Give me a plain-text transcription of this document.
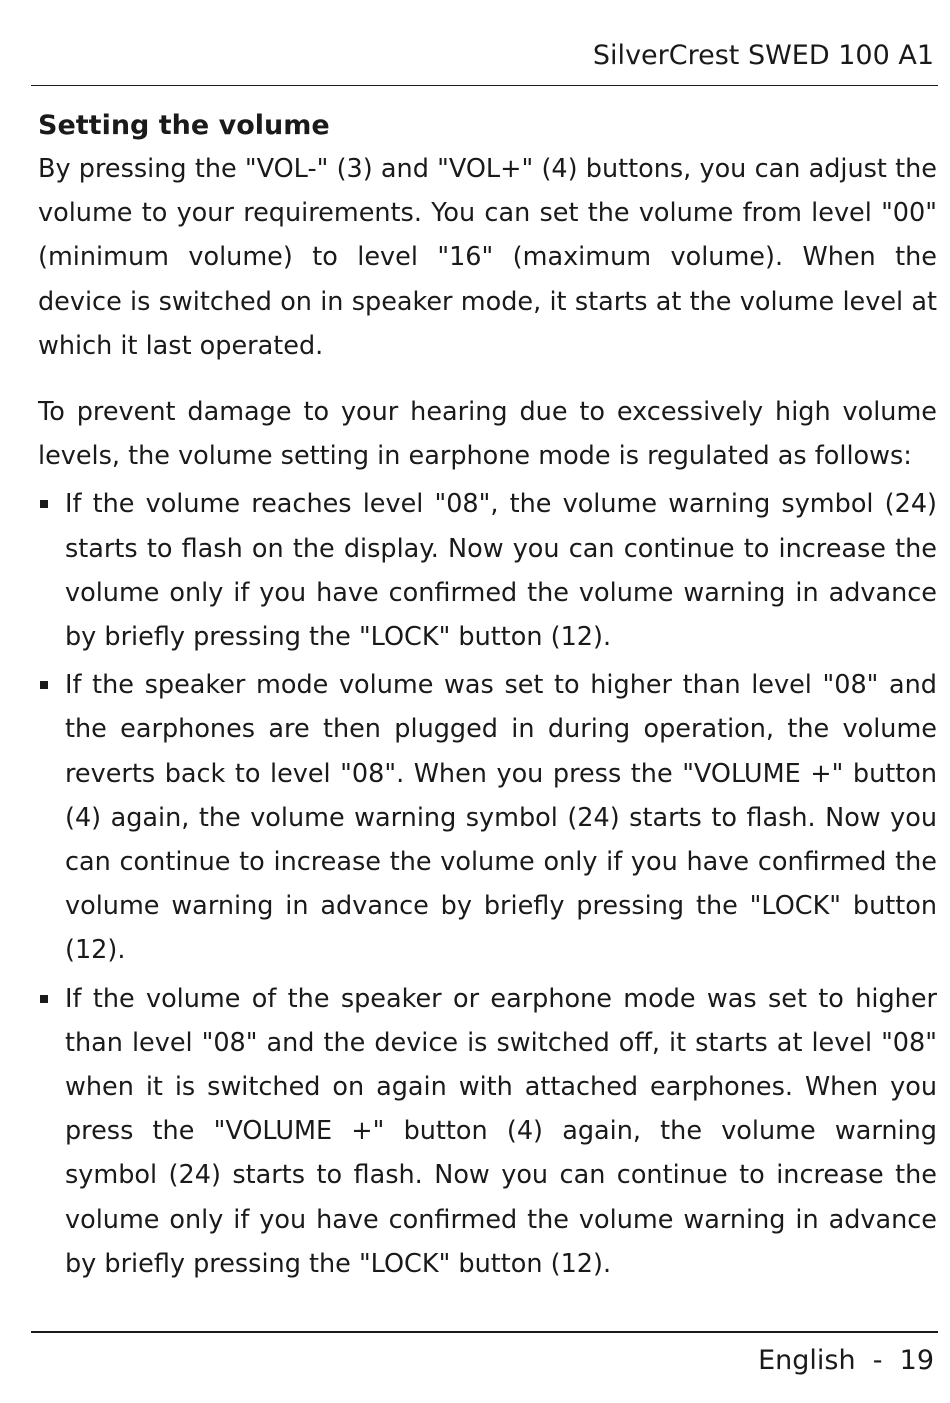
SilverCrest SWED 100 A1
Setting the volume

By pressing the "VOL-" (3) and "VOL+" (4) buttons, you can adjust the volume to your requirements. You can set the volume from level "00" (minimum volume) to level "16" (maximum volume). When the device is switched on in speaker mode, it starts at the volume level at which it last operated.

To prevent damage to your hearing due to excessively high volume levels, the volume setting in earphone mode is regulated as follows:

If the volume reaches level "08", the volume warning symbol (24) starts to flash on the display. Now you can continue to increase the volume only if you have confirmed the volume warning in advance by briefly pressing the "LOCK" button (12).
If the speaker mode volume was set to higher than level "08" and the earphones are then plugged in during operation, the volume reverts back to level "08". When you press the "VOLUME +" button (4) again, the volume warning symbol (24) starts to flash. Now you can continue to increase the volume only if you have confirmed the volume warning in advance by briefly pressing the "LOCK" button (12).
If the volume of the speaker or earphone mode was set to higher than level "08" and the device is switched off, it starts at level "08" when it is switched on again with attached earphones. When you press the "VOLUME +" button (4) again, the volume warning symbol (24) starts to flash. Now you can continue to increase the volume only if you have confirmed the volume warning in advance by briefly pressing the "LOCK" button (12).
English  -  19
